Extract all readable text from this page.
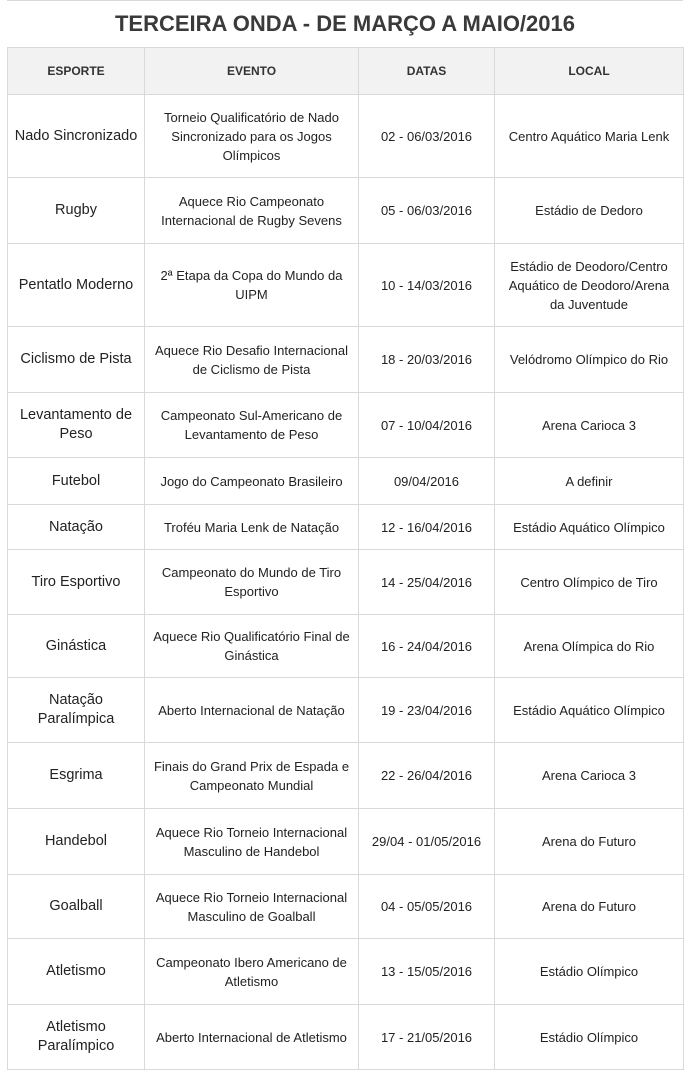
TERCEIRA ONDA - DE MARÇO A MAIO/2016
ESPORTE	EVENTO	DATAS	LOCAL
Nado Sincronizado	Torneio Qualificatório de Nado Sincronizado para os Jogos Olímpicos	02 - 06/03/2016	Centro Aquático Maria Lenk
Rugby	Aquece Rio Campeonato Internacional de Rugby Sevens	05 - 06/03/2016	Estádio de Dedoro
Pentatlo Moderno	2ª Etapa da Copa do Mundo da UIPM	10 - 14/03/2016	Estádio de Deodoro/Centro Aquático de Deodoro/Arena da Juventude
Ciclismo de Pista	Aquece Rio Desafio Internacional de Ciclismo de Pista	18 - 20/03/2016	Velódromo Olímpico do Rio
Levantamento de Peso	Campeonato Sul-Americano de Levantamento de Peso	07 - 10/04/2016	Arena Carioca 3
Futebol	Jogo do Campeonato Brasileiro	09/04/2016	A definir
Natação	Troféu Maria Lenk de Natação	12 - 16/04/2016	Estádio Aquático Olímpico
Tiro Esportivo	Campeonato do Mundo de Tiro Esportivo	14 - 25/04/2016	Centro Olímpico de Tiro
Ginástica	Aquece Rio Qualificatório Final de Ginástica	16 - 24/04/2016	Arena Olímpica do Rio
Natação Paralímpica	Aberto Internacional de Natação	19 - 23/04/2016	Estádio Aquático Olímpico
Esgrima	Finais do Grand Prix de Espada e Campeonato Mundial	22 - 26/04/2016	Arena Carioca 3
Handebol	Aquece Rio Torneio Internacional Masculino de Handebol	29/04 - 01/05/2016	Arena do Futuro
Goalball	Aquece Rio Torneio Internacional Masculino de Goalball	04 - 05/05/2016	Arena do Futuro
Atletismo	Campeonato Ibero Americano de Atletismo	13 - 15/05/2016	Estádio Olímpico
Atletismo Paralímpico	Aberto Internacional de Atletismo	17 - 21/05/2016	Estádio Olímpico
